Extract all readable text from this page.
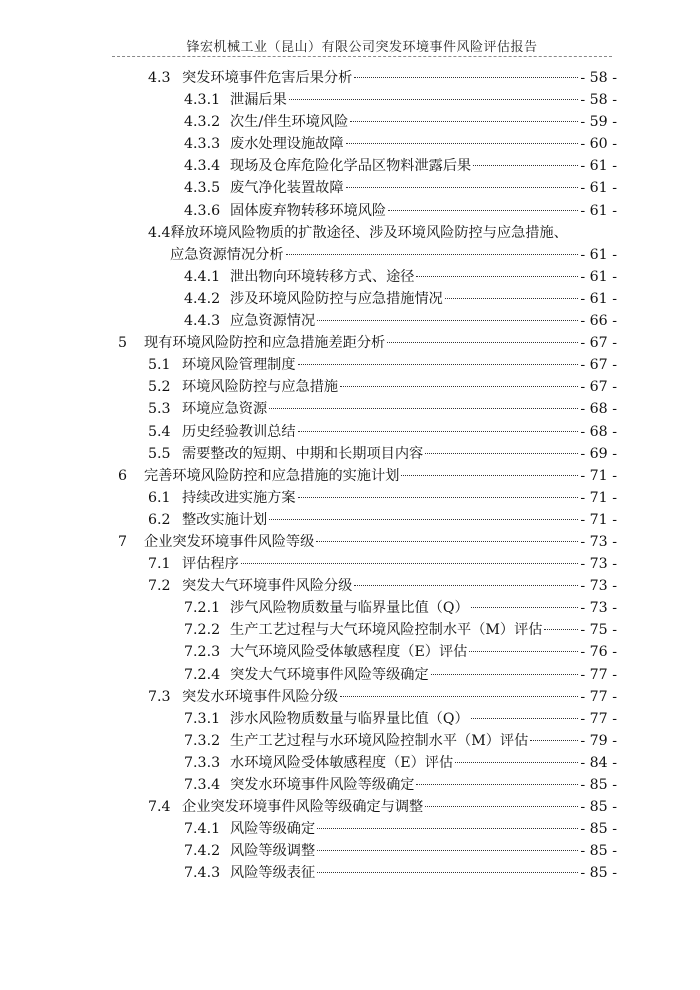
锋宏机械工业（昆山）有限公司突发环境事件风险评估报告
4.3 突发环境事件危害后果分析	- 58 -
4.3.1 泄漏后果	- 58 -
4.3.2 次生/伴生环境风险	- 59 -
4.3.3 废水处理设施故障	- 60 -
4.3.4 现场及仓库危险化学品区物料泄露后果	- 61 -
4.3.5 废气净化装置故障	- 61 -
4.3.6 固体废弃物转移环境风险	- 61 -
4.4 释放环境风险物质的扩散途径、涉及环境风险防控与应急措施、
应急资源情况分析	- 61 -
4.4.1 泄出物向环境转移方式、途径	- 61 -
4.4.2 涉及环境风险防控与应急措施情况	- 61 -
4.4.3 应急资源情况	- 66 -
5	现有环境风险防控和应急措施差距分析	- 67 -
5.1 环境风险管理制度	- 67 -
5.2 环境风险防控与应急措施	- 67 -
5.3 环境应急资源	- 68 -
5.4 历史经验教训总结	- 68 -
5.5 需要整改的短期、中期和长期项目内容	- 69 -
6	完善环境风险防控和应急措施的实施计划	- 71 -
6.1 持续改进实施方案	- 71 -
6.2 整改实施计划	- 71 -
7	企业突发环境事件风险等级	- 73 -
7.1 评估程序	- 73 -
7.2 突发大气环境事件风险分级	- 73 -
7.2.1 涉气风险物质数量与临界量比值（Q）	- 73 -
7.2.2 生产工艺过程与大气环境风险控制水平（M）评估	- 75 -
7.2.3 大气环境风险受体敏感程度（E）评估	- 76 -
7.2.4 突发大气环境事件风险等级确定	- 77 -
7.3 突发水环境事件风险分级	- 77 -
7.3.1 涉水风险物质数量与临界量比值（Q）	- 77 -
7.3.2 生产工艺过程与水环境风险控制水平（M）评估	- 79 -
7.3.3 水环境风险受体敏感程度（E）评估	- 84 -
7.3.4 突发水环境事件风险等级确定	- 85 -
7.4 企业突发环境事件风险等级确定与调整	- 85 -
7.4.1 风险等级确定	- 85 -
7.4.2 风险等级调整	- 85 -
7.4.3 风险等级表征	- 85 -
